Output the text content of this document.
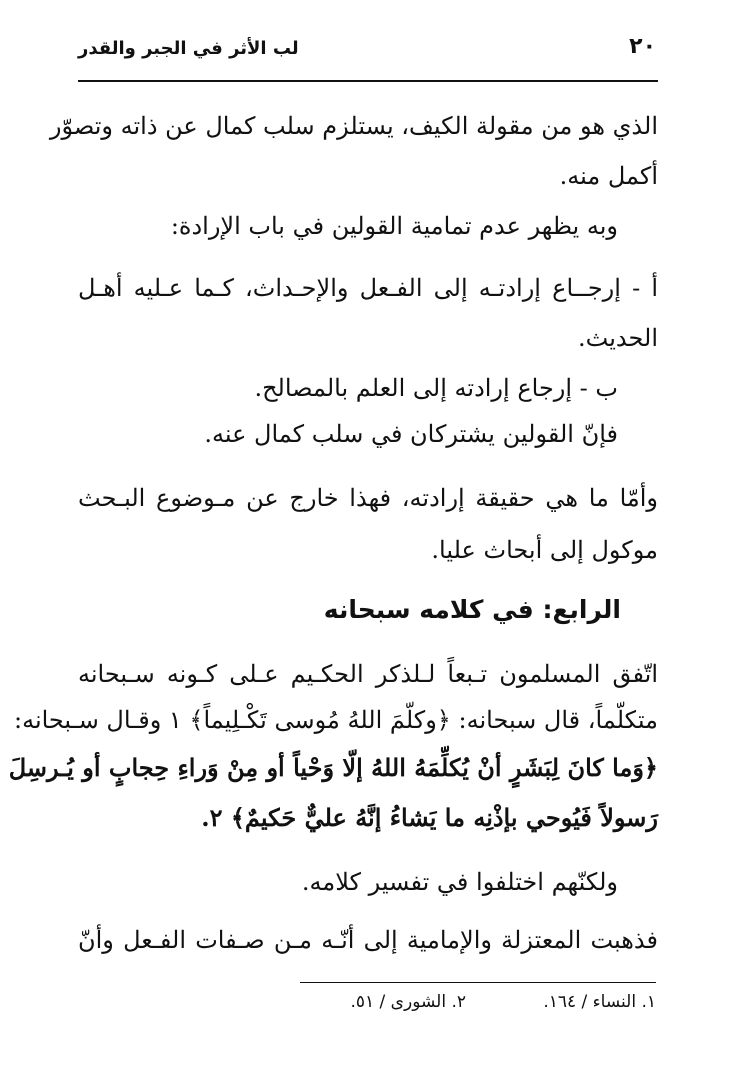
لب الأثر في الجبر والقدر	٢٠
الذي هو من مقولة الكيف، يستلزم سلب كمال عن ذاته وتصوّر
أكمل منه.
وبه يظهر عدم تمامية القولين في باب الإرادة:
أ - إرجــاع إرادتـه إلى الفـعل والإحـداث، كـما عـليه أهـل
الحديث.
ب - إرجاع إرادته إلى العلم بالمصالح.
فإنّ القولين يشتركان في سلب كمال عنه.
وأمّا ما هي حقيقة إرادته، فهذا خارج عن مـوضوع البـحث
موكول إلى أبحاث عليا.
الرابع: في كلامه سبحانه
اتّفق المسلمون تـبعاً لـلذكر الحكـيم عـلى كـونه سـبحانه
متكلّماً، قال سبحانه: ﴿وكلّمَ اللهُ مُوسى تَكْـلِيماً﴾ ١ وقـال سـبحانه:
﴿وَما كانَ لِبَشَرٍ أنْ يُكلِّمَهُ اللهُ إلّا وَحْياً أو مِنْ وَراءِ حِجابٍ أو يُـرسِلَ
رَسولاً فَيُوحي بإذْنِه ما يَشاءُ إنَّهُ عليٌّ حَكيمٌ﴾ ٢.
ولكنّهم اختلفوا في تفسير كلامه.
فذهبت المعتزلة والإمامية إلى أنّـه مـن صـفات الفـعل وأنّ
١. النساء / ١٦٤.
٢. الشورى / ٥١.
